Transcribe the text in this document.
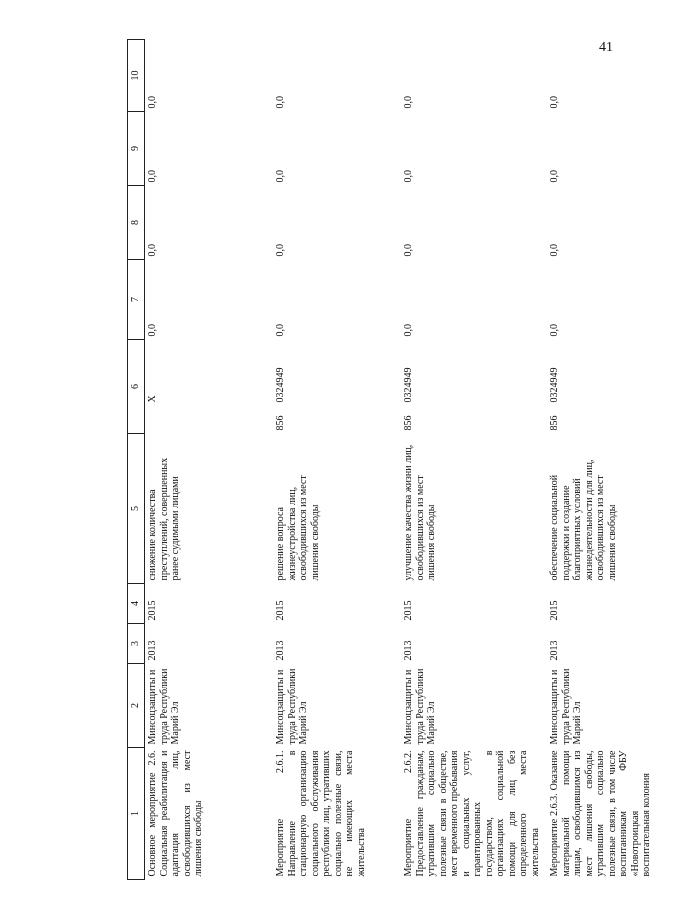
41
1	2	3	4	5	6		7	8	9	10
Основное мероприятие 2.6. Социальная реабилитация и адаптация лиц, освободившихся из мест лишения свободы	Минсоцзащиты и труда Республики Марий Эл	2013	2015	снижение количества преступлений, совершенных ранее судимыми лицами		X	0,0	0,0	0,0	0,0
Мероприятие 2.6.1. Направление в стационарную организацию социального обслуживания республики лиц, утративших социально полезные связи, не имеющих места жительства	Минсоцзащиты и труда Республики Марий Эл	2013	2015	решение вопроса жизнеустройства лиц, освободившихся из мест лишения свободы	856	0324949	0,0	0,0	0,0	0,0
Мероприятие 2.6.2. Предоставление гражданам, утратившим социально полезные связи в обществе, мест временного пребывания и социальных услуг, гарантированных государством, в организациях социальной помощи для лиц без определенного места жительства	Минсоцзащиты и труда Республики Марий Эл	2013	2015	улучшение качества жизни лиц, освободившихся из мест лишения свободы	856	0324949	0,0	0,0	0,0	0,0
Мероприятие 2.6.3. Оказание материальной помощи лицам, освободившимся из мест лишения свободы, утратившим социально полезные связи, в том числе воспитанникам ФБУ «Новотроицкая воспитательная колония	Минсоцзащиты и труда Республики Марий Эл	2013	2015	обеспечение социальной поддержки и создание благоприятных условий жизнедеятельности для лиц, освободившихся из мест лишения свободы	856	0324949	0,0	0,0	0,0	0,0
